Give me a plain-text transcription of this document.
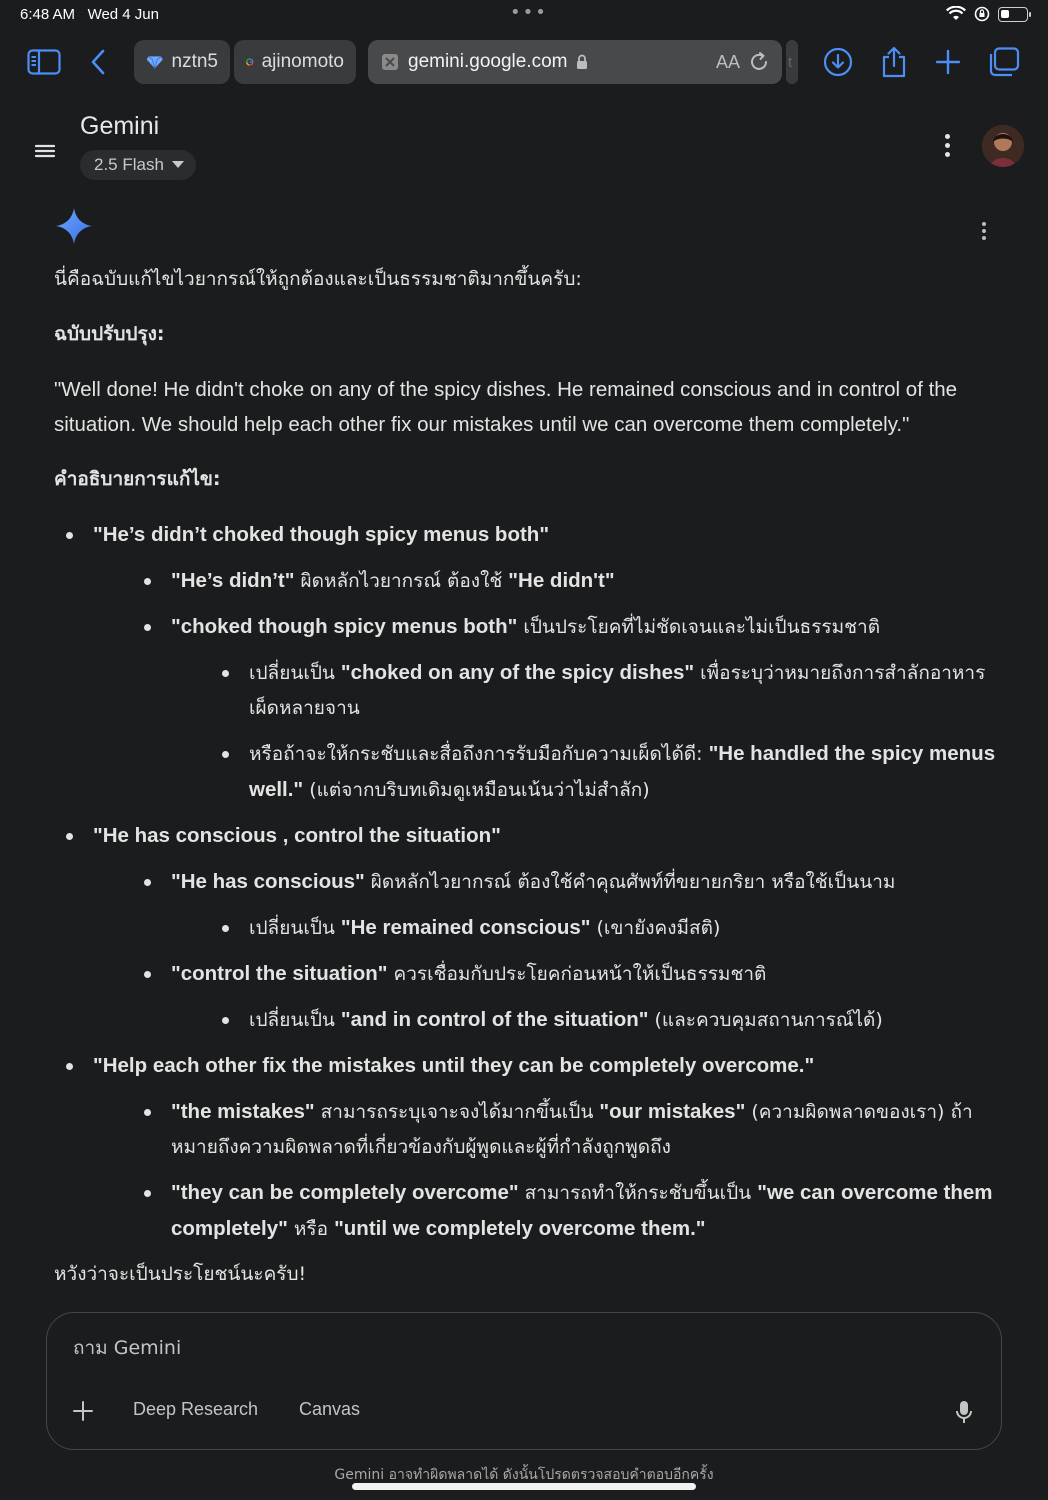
6:48 AM Wed 4 Jun	•••
nztn5 ajinomoto	gemini.google.com	AA	t
Gemini
2.5 Flash

นี่คือฉบับแก้ไขไวยากรณ์ให้ถูกต้องและเป็นธรรมชาติมากขึ้นครับ:

ฉบับปรับปรุง:

"Well done! He didn't choke on any of the spicy dishes. He remained conscious and in control of the situation. We should help each other fix our mistakes until we can overcome them completely."

คำอธิบายการแก้ไข:

"He’s didn’t choked though spicy menus both"
"He’s didn’t" ผิดหลักไวยากรณ์ ต้องใช้ "He didn't"
"choked though spicy menus both" เป็นประโยคที่ไม่ชัดเจนและไม่เป็นธรรมชาติ
เปลี่ยนเป็น "choked on any of the spicy dishes" เพื่อระบุว่าหมายถึงการสำลักอาหารเผ็ดหลายจาน
หรือถ้าจะให้กระชับและสื่อถึงการรับมือกับความเผ็ดได้ดี: "He handled the spicy menus well." (แต่จากบริบทเดิมดูเหมือนเน้นว่าไม่สำลัก)
"He has conscious , control the situation"
"He has conscious" ผิดหลักไวยากรณ์ ต้องใช้คำคุณศัพท์ที่ขยายกริยา หรือใช้เป็นนาม
เปลี่ยนเป็น "He remained conscious" (เขายังคงมีสติ)
"control the situation" ควรเชื่อมกับประโยคก่อนหน้าให้เป็นธรรมชาติ
เปลี่ยนเป็น "and in control of the situation" (และควบคุมสถานการณ์ได้)
"Help each other fix the mistakes until they can be completely overcome."
"the mistakes" สามารถระบุเจาะจงได้มากขึ้นเป็น "our mistakes" (ความผิดพลาดของเรา) ถ้าหมายถึงความผิดพลาดที่เกี่ยวข้องกับผู้พูดและผู้ที่กำลังถูกพูดถึง
"they can be completely overcome" สามารถทำให้กระชับขึ้นเป็น "we can overcome them completely" หรือ "until we completely overcome them."

หวังว่าจะเป็นประโยชน์นะครับ!

ถาม Gemini
Deep Research Canvas
Gemini อาจทำผิดพลาดได้ ดังนั้นโปรดตรวจสอบคำตอบอีกครั้ง
